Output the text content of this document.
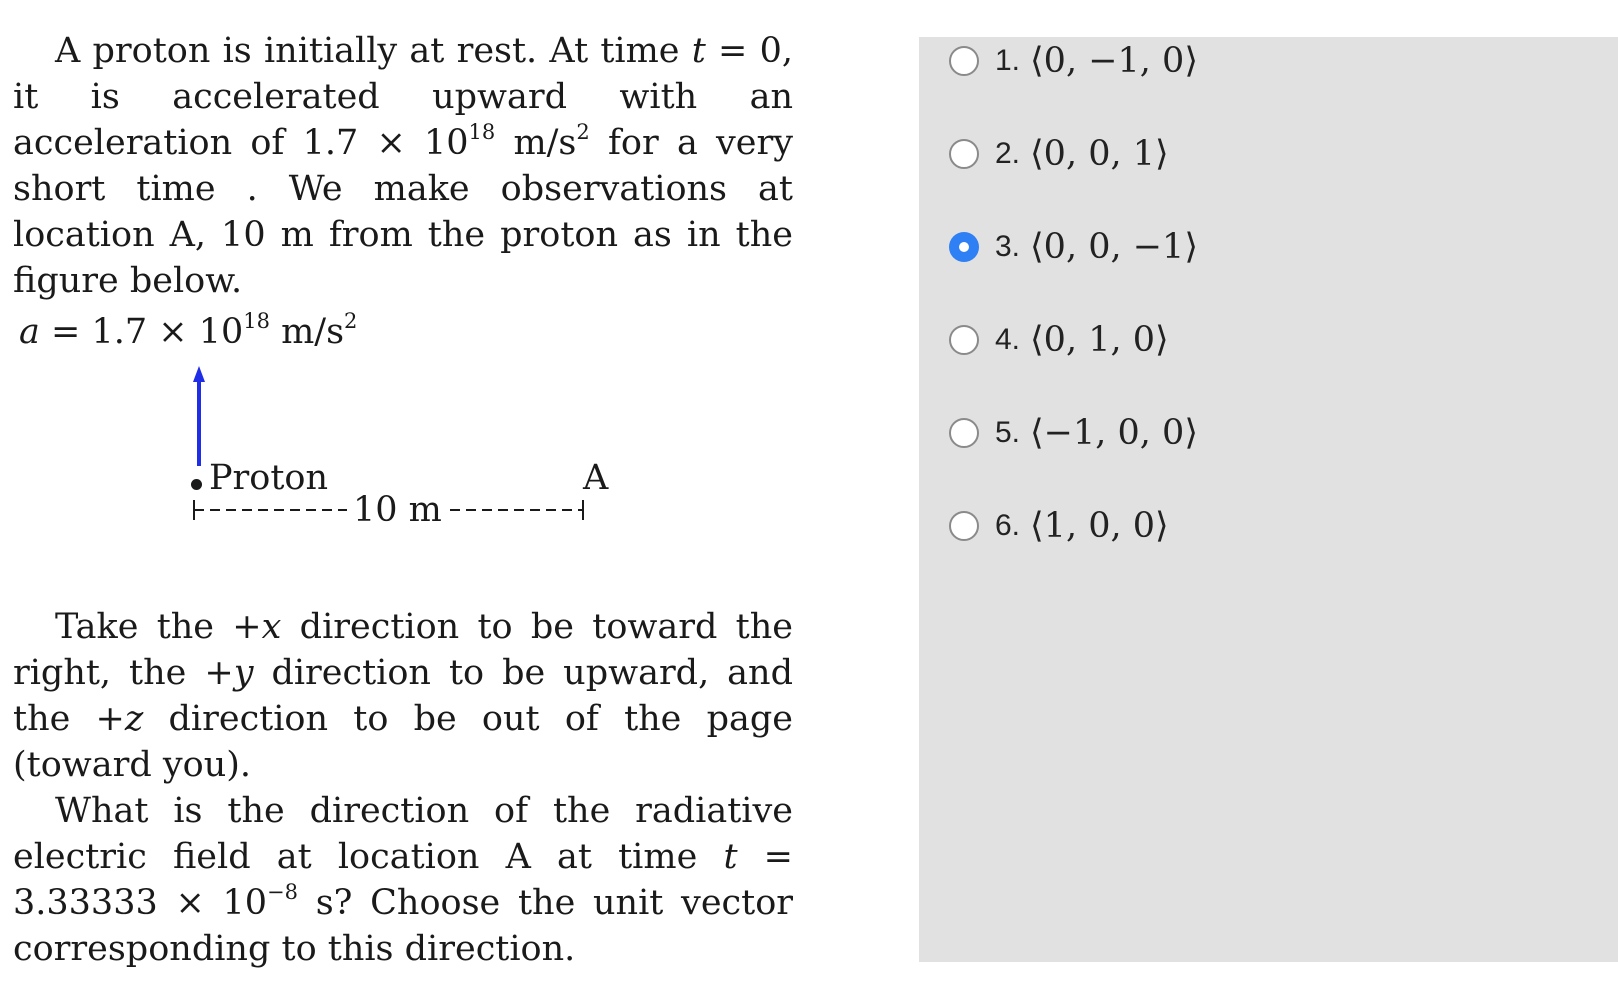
A proton is initially at rest. At time t = 0, it is accelerated upward with an acceleration of $1.7 \times 10^{18}$ $m/s^2$ for a very short time . We make observations at location A, 10 m from the proton as in the figure below.

$a = 1.7 \times 10^{18}$ $m/s^2$
Proton	A
10 m

Take the +x direction to be toward the right, the +y direction to be upward, and the +z direction to be out of the page (toward you).

What is the direction of the radiative electric field at location A at time $t = 3.33333 \times 10^{-8}$ s? Choose the unit vector corresponding to this direction.

1. ⟨0, −1, 0⟩
2. ⟨0, 0, 1⟩
3. ⟨0, 0, −1⟩
4. ⟨0, 1, 0⟩
5. ⟨−1, 0, 0⟩
6. ⟨1, 0, 0⟩
